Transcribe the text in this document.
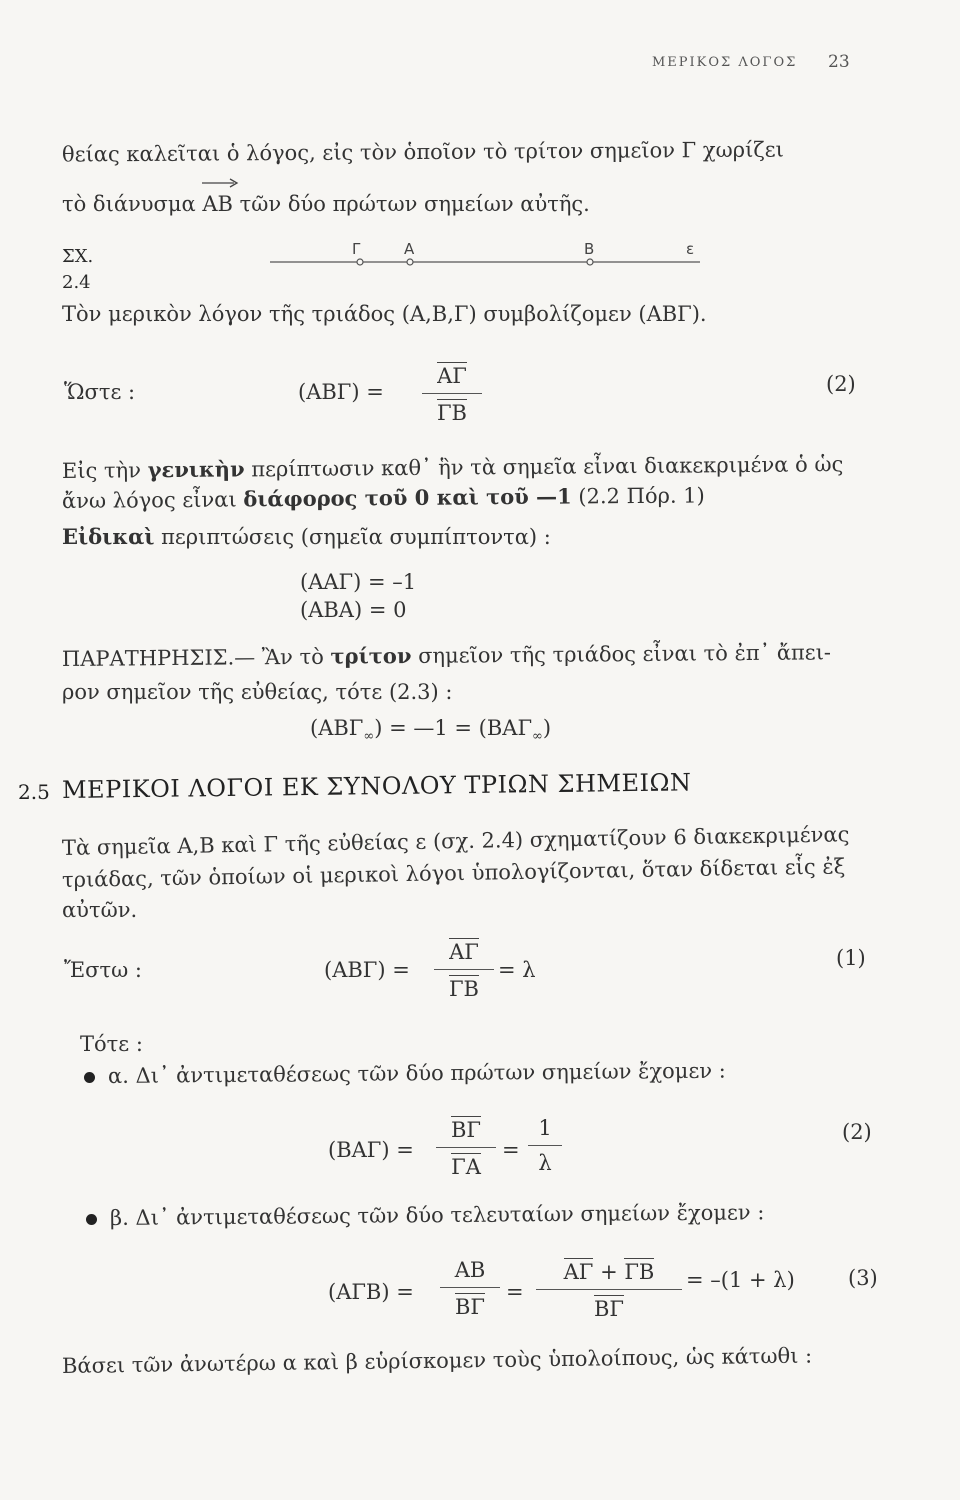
ΜΕΡΙΚΟΣ ΛΟΓΟΣ 23
θείας καλεῖται ὁ λόγος, εἰς τὸν ὁποῖον τὸ τρίτον σημεῖον Γ χωρίζει
τὸ διάνυσμα
AB τῶν δύο πρώτων σημείων αὐτῆς.
ΣΧ.
2.4
Γ	A	B	ε
Τὸν μερικὸν λόγον τῆς τριάδος (A,B,Γ) συμβολίζομεν (ΑΒΓ).
Ὥστε :	(ΑΒΓ) =
ΑΓ
ΓΒ
(2)
Εἰς τὴν γενικὴν περίπτωσιν καθ᾿ ἣν τὰ σημεῖα εἶναι διακεκριμένα ὁ ὡς
ἄνω λόγος εἶναι διάφορος τοῦ 0 καὶ τοῦ —1 (2.2 Πόρ. 1)
Εἰδικαὶ περιπτώσεις (σημεῖα συμπίπτοντα) :
(ΑΑΓ) = –1
(ΑΒΑ) = 0
ΠΑΡΑΤΗΡΗΣΙΣ.— Ἂν τὸ τρίτον σημεῖον τῆς τριάδος εἶναι τὸ ἐπ᾿ ἄπει-
ρον σημεῖον τῆς εὐθείας, τότε (2.3) :
$(AB\Gamma_\infty)$ = —1 = $(BA\Gamma_\infty)$
2.5 ΜΕΡΙΚΟΙ ΛΟΓΟΙ ΕΚ ΣΥΝΟΛΟΥ ΤΡΙΩΝ ΣΗΜΕΙΩΝ
Τὰ σημεῖα A,B καὶ Γ τῆς εὐθείας ε (σχ. 2.4) σχηματίζουν 6 διακεκριμένας
τριάδας, τῶν ὁποίων οἱ μερικοὶ λόγοι ὑπολογίζονται, ὅταν δίδεται εἷς ἐξ
αὐτῶν.
Ἔστω :	(ΑΒΓ) =
ΑΓ
ΓΒ
= λ	(1)
Τότε :
α. Δι᾿ ἀντιμεταθέσεως τῶν δύο πρώτων σημείων ἔχομεν :
(ΒΑΓ) =
ΒΓ
ΓΑ
=
1
λ
(2)
β. Δι᾿ ἀντιμεταθέσεως τῶν δύο τελευταίων σημείων ἔχομεν :
(ΑΓΒ) =
ΑΒ
ΒΓ
=
ΑΓ + ΓΒ
ΒΓ
= –(1 + λ)	(3)
Βάσει τῶν ἀνωτέρω α καὶ β εὑρίσκομεν τοὺς ὑπολοίπους, ὡς κάτωθι :
